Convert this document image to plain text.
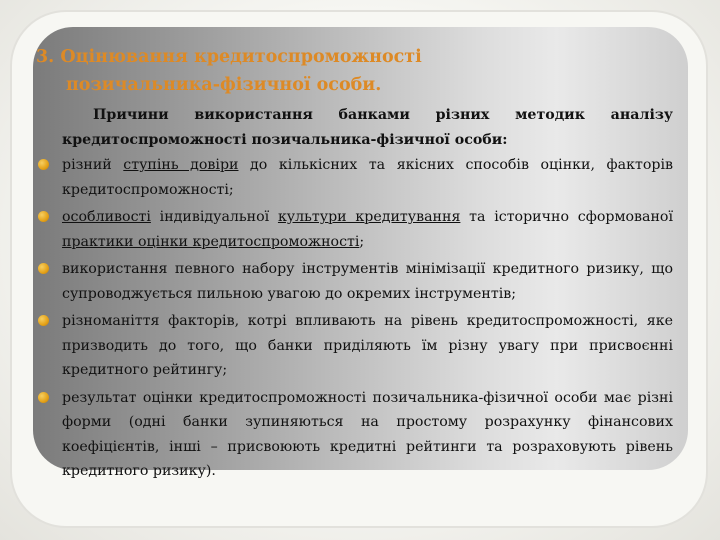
3. Оцінювання кредитоспроможності
позичальника-фізичної особи.

Причини використання банками різних методик аналізу кредитоспроможності позичальника-фізичної особи:

різний ступінь довіри до кількісних та якісних способів оцінки, факторів кредитоспроможності;
особливості індивідуальної культури кредитування та історично сформованої практики оцінки кредитоспроможності;
використання певного набору інструментів мінімізації кредитного ризику, що супроводжується пильною увагою до окремих інструментів;
різноманіття факторів, котрі впливають на рівень кредитоспроможності, яке призводить до того, що банки приділяють їм різну увагу при присвоєнні кредитного рейтингу;
результат оцінки кредитоспроможності позичальника-фізичної особи має різні форми (одні банки зупиняються на простому розрахунку фінансових коефіцієнтів, інші – присвоюють кредитні рейтинги та розраховують рівень кредитного ризику).
